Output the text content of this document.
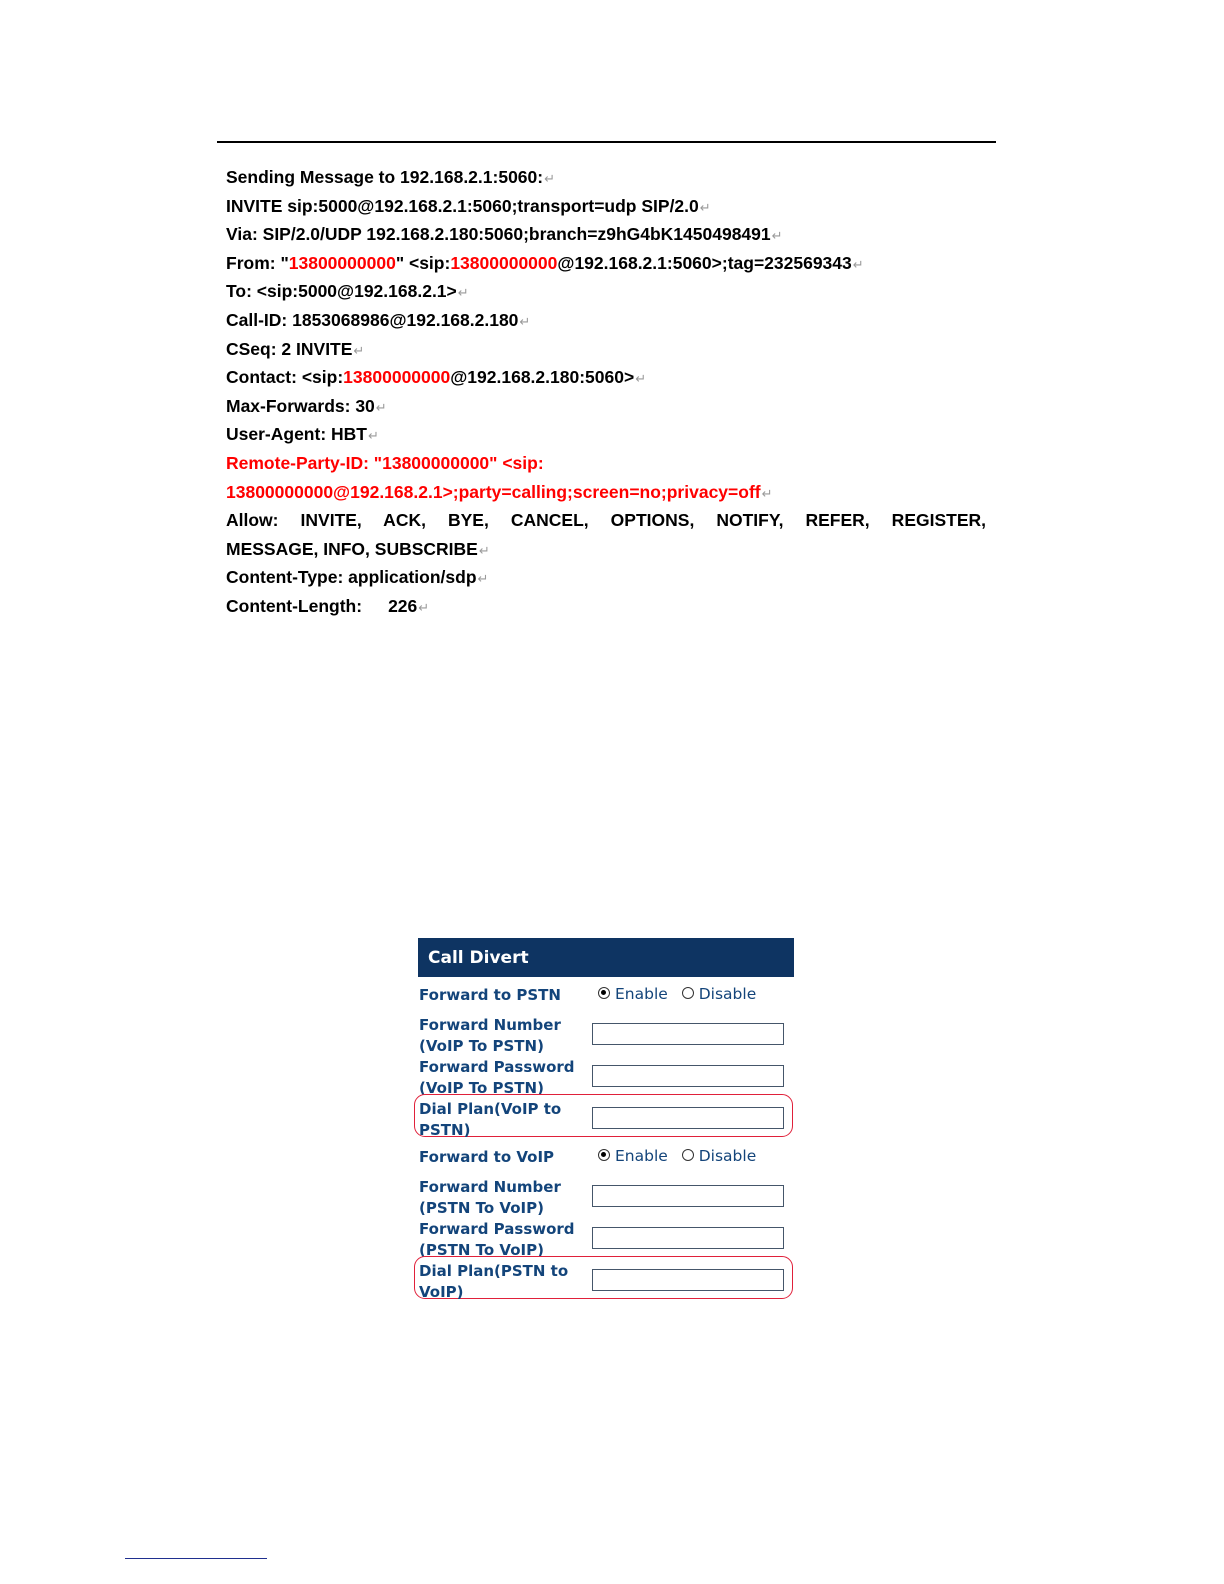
Sending Message to 192.168.2.1:5060:↵
INVITE sip:5000@192.168.2.1:5060;transport=udp SIP/2.0↵
Via: SIP/2.0/UDP 192.168.2.180:5060;branch=z9hG4bK1450498491↵
From: "13800000000" <sip:13800000000@192.168.2.1:5060>;tag=232569343↵
To: <sip:5000@192.168.2.1>↵
Call-ID: 1853068986@192.168.2.180↵
CSeq: 2 INVITE↵
Contact: <sip:13800000000@192.168.2.180:5060>↵
Max-Forwards: 30↵
User-Agent: HBT↵
Remote-Party-ID: "13800000000" <sip:
13800000000@192.168.2.1>;party=calling;screen=no;privacy=off↵
Allow: INVITE, ACK, BYE, CANCEL, OPTIONS, NOTIFY, REFER, REGISTER,
MESSAGE, INFO, SUBSCRIBE↵
Content-Type: application/sdp↵
Content-Length: 226↵
Call Divert
Forward to PSTN	Enable Disable
Forward Number (VoIP To PSTN)
Forward Password (VoIP To PSTN)
Dial Plan(VoIP to PSTN)
Forward to VoIP	Enable Disable
Forward Number (PSTN To VoIP)
Forward Password (PSTN To VoIP)
Dial Plan(PSTN to VoIP)
